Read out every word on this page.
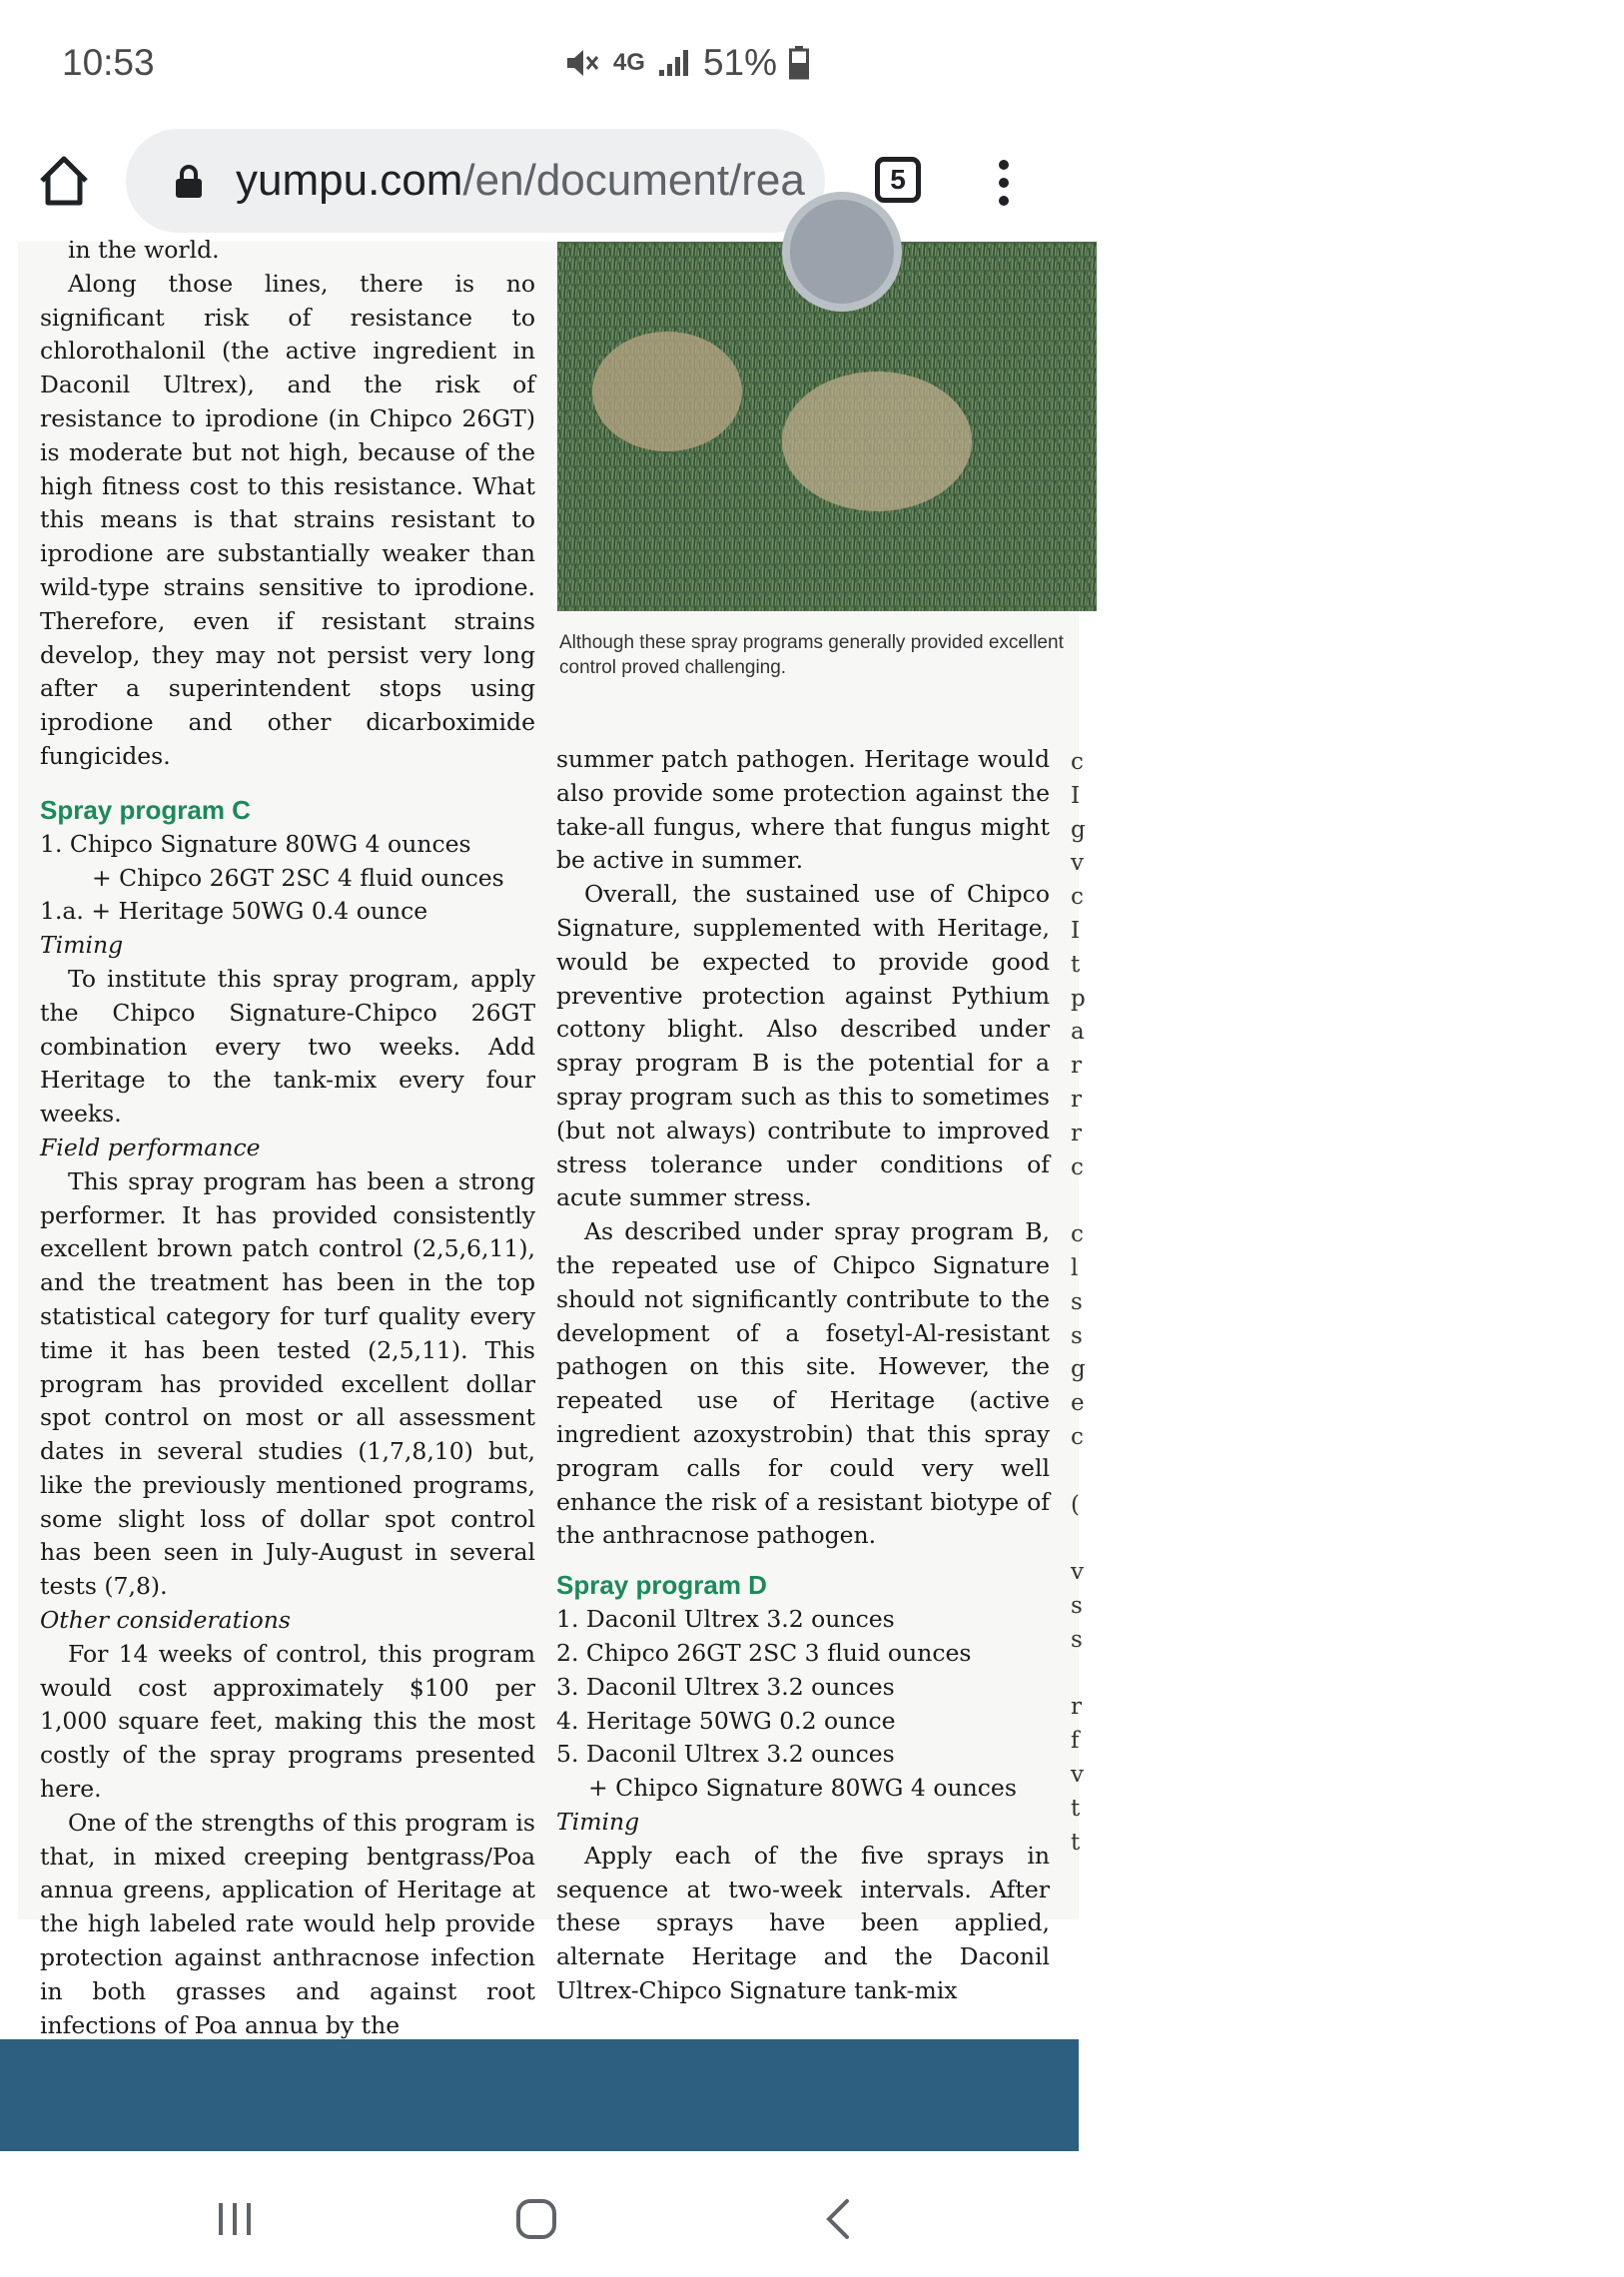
10:53	4G 51%
yumpu.com/en/document/rea	5
Although these spray programs generally provided excellent control proved challenging.

in the world.

Along those lines, there is no significant risk of resistance to chlorothalonil (the active ingredient in Daconil Ultrex), and the risk of resistance to iprodione (in Chipco 26GT) is moderate but not high, because of the high fitness cost to this resistance. What this means is that strains resistant to iprodione are substantially weaker than wild-type strains sensitive to iprodione. Therefore, even if resistant strains develop, they may not persist very long after a superintendent stops using iprodione and other dicarboximide fungicides.

Spray program C

1. Chipco Signature 80WG 4 ounces

+ Chipco 26GT 2SC 4 fluid ounces

1.a. + Heritage 50WG 0.4 ounce

Timing

To institute this spray program, apply the Chipco Signature-Chipco 26GT combination every two weeks. Add Heritage to the tank-mix every four weeks.

Field performance

This spray program has been a strong performer. It has provided consistently excellent brown patch control (2,5,6,11), and the treatment has been in the top statistical category for turf quality every time it has been tested (2,5,11). This program has provided excellent dollar spot control on most or all assessment dates in several studies (1,7,8,10) but, like the previously mentioned programs, some slight loss of dollar spot control has been seen in July-August in several tests (7,8).

Other considerations

For 14 weeks of control, this program would cost approximately $100 per 1,000 square feet, making this the most costly of the spray programs presented here.

One of the strengths of this program is that, in mixed creeping bentgrass/Poa annua greens, application of Heritage at the high labeled rate would help provide protection against anthracnose infection in both grasses and against root infections of Poa annua by the

summer patch pathogen. Heritage would also provide some protection against the take-all fungus, where that fungus might be active in summer.

Overall, the sustained use of Chipco Signature, supplemented with Heritage, would be expected to provide good preventive protection against Pythium cottony blight. Also described under spray program B is the potential for a spray program such as this to sometimes (but not always) contribute to improved stress tolerance under conditions of acute summer stress.

As described under spray program B, the repeated use of Chipco Signature should not significantly contribute to the development of a fosetyl-Al-resistant pathogen on this site. However, the repeated use of Heritage (active ingredient azoxystrobin) that this spray program calls for could very well enhance the risk of a resistant biotype of the anthracnose pathogen.

Spray program D

1. Daconil Ultrex 3.2 ounces

2. Chipco 26GT 2SC 3 fluid ounces

3. Daconil Ultrex 3.2 ounces

4. Heritage 50WG 0.2 ounce

5. Daconil Ultrex 3.2 ounces

+ Chipco Signature 80WG 4 ounces

Timing

Apply each of the five sprays in sequence at two-week intervals. After these sprays have been applied, alternate Heritage and the Daconil Ultrex-Chipco Signature tank-mix

c
I
g
v
c
I
t
p
a
r
r
r
c
c
l
s
s
g
e
c
(
v
s
s
r
f
v
t
t
